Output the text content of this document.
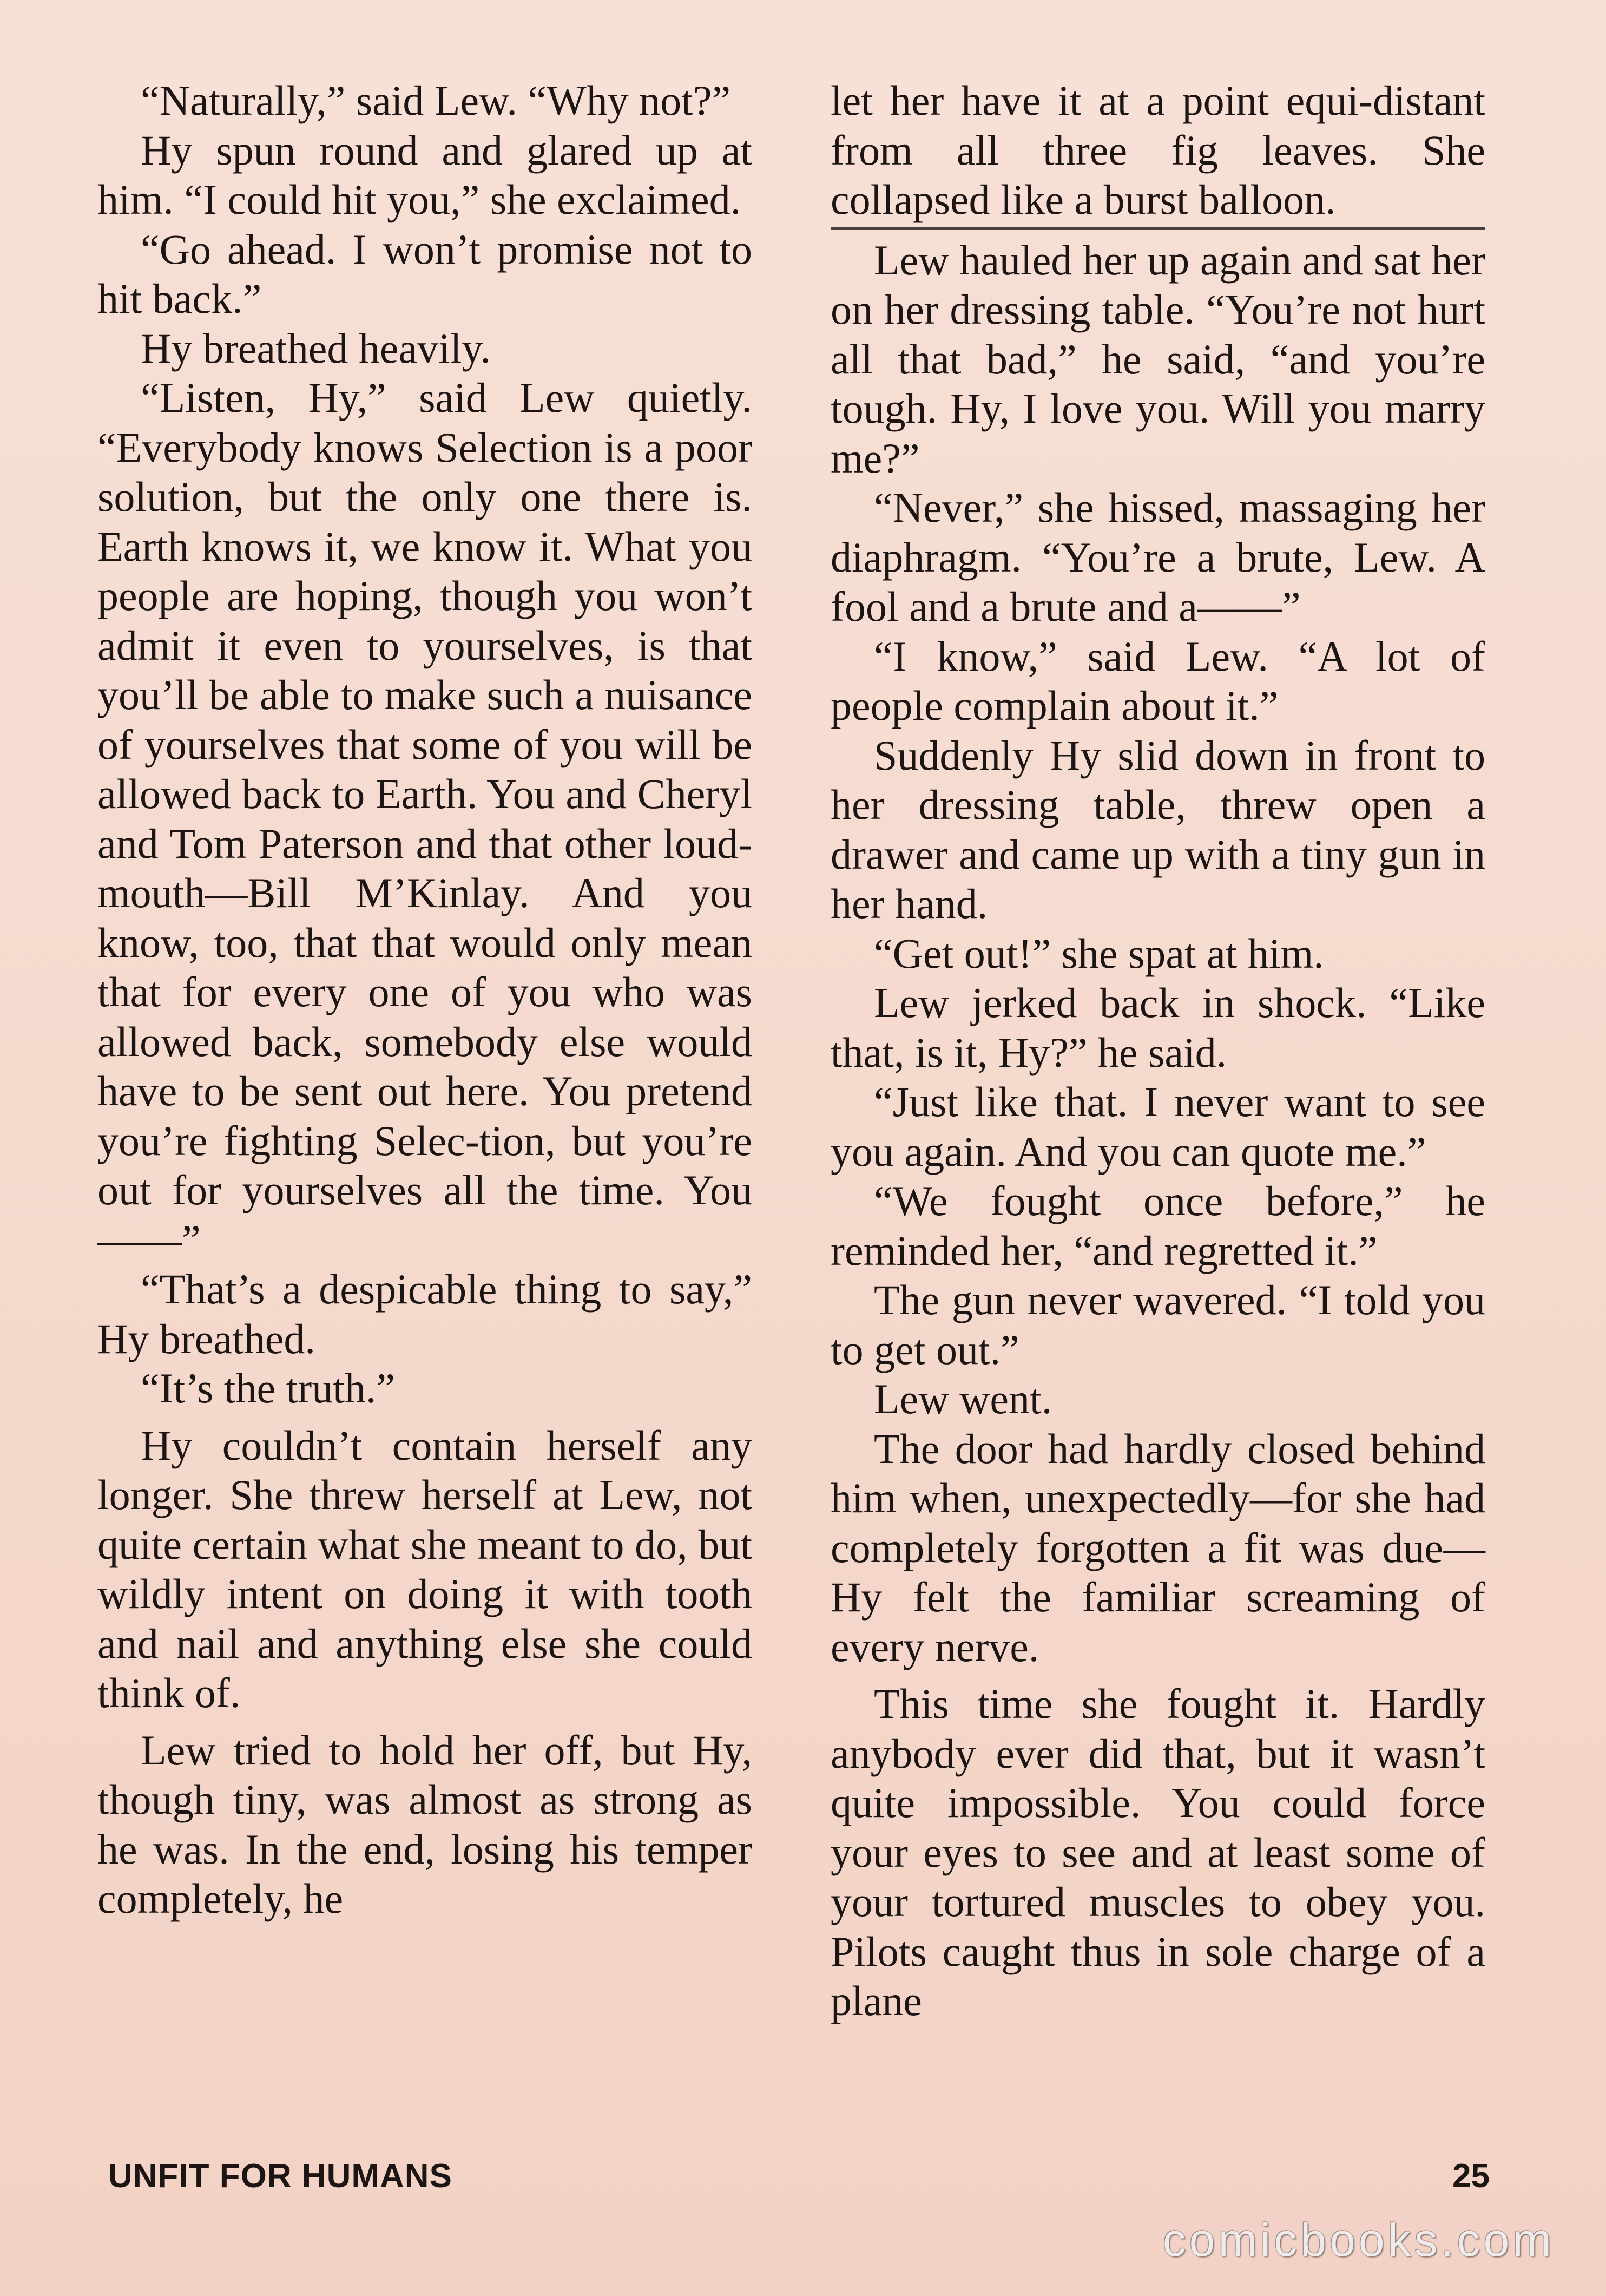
“Naturally,” said Lew. “Why not?”

Hy spun round and glared up at him. “I could hit you,” she exclaimed.

“Go ahead. I won’t promise not to hit back.”

Hy breathed heavily.

“Listen, Hy,” said Lew quietly. “Everybody knows Selection is a poor solution, but the only one there is. Earth knows it, we know it. What you people are hoping, though you won’t admit it even to yourselves, is that you’ll be able to make such a nuisance of yourselves that some of you will be allowed back to Earth. You and Cheryl and Tom Paterson and that other loud-mouth—Bill M’Kinlay. And you know, too, that that would only mean that for every one of you who was allowed back, somebody else would have to be sent out here. You pretend you’re fighting Selec-tion, but you’re out for yourselves all the time. You——”

“That’s a despicable thing to say,” Hy breathed.

“It’s the truth.”

Hy couldn’t contain herself any longer. She threw herself at Lew, not quite certain what she meant to do, but wildly intent on doing it with tooth and nail and anything else she could think of.

Lew tried to hold her off, but Hy, though tiny, was almost as strong as he was. In the end, losing his temper completely, he

let her have it at a point equi-distant from all three fig leaves. She collapsed like a burst balloon.

Lew hauled her up again and sat her on her dressing table. “You’re not hurt all that bad,” he said, “and you’re tough. Hy, I love you. Will you marry me?”

“Never,” she hissed, massaging her diaphragm. “You’re a brute, Lew. A fool and a brute and a——”

“I know,” said Lew. “A lot of people complain about it.”

Suddenly Hy slid down in front to her dressing table, threw open a drawer and came up with a tiny gun in her hand.

“Get out!” she spat at him.

Lew jerked back in shock. “Like that, is it, Hy?” he said.

“Just like that. I never want to see you again. And you can quote me.”

“We fought once before,” he reminded her, “and regretted it.”

The gun never wavered. “I told you to get out.”

Lew went.

The door had hardly closed behind him when, unexpectedly—for she had completely forgotten a fit was due—Hy felt the familiar screaming of every nerve.

This time she fought it. Hardly anybody ever did that, but it wasn’t quite impossible. You could force your eyes to see and at least some of your tortured muscles to obey you. Pilots caught thus in sole charge of a plane

UNFIT FOR HUMANS	25
comicbooks.com
